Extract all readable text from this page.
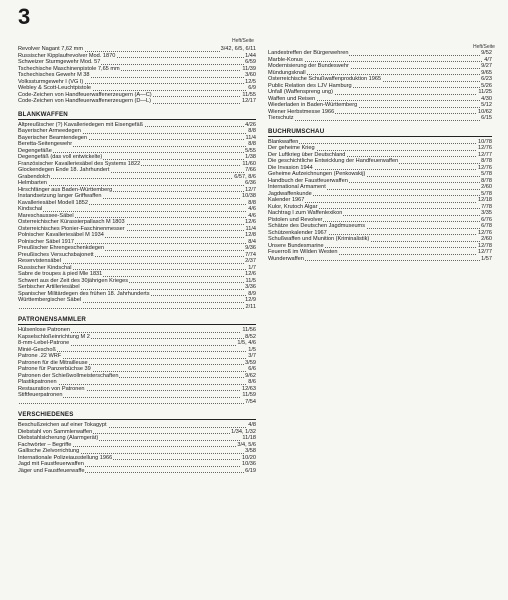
3
Heft/Seite
Revolver Nagant 7,62 mm	3/42, 6/5, 6/11
Russischer Kipplaufrevolver Mod. 1870	1/44
Schweizer Sturmgewehr Mod. 57	6/59
Tschechische Maschinenpistole 7,65 mm	11/39
Tschechisches Gewehr M 38	3/60
Volkssturmgewehr I (VG I)	12/5
Webley & Scott-Leuchtpistole	6/9
Code-Zeichen von Handfeuerwaffenerzeugern (A—C)	11/55
Code-Zeichen von Handfeuerwaffenerzeugern (D—L)	12/17
BLANKWAFFEN
Altpreußischer (?) Kavalleriedegen mit Eisengefäß	4/26
Bayerischer Armeedegen	8/8
Bayerischer Beamtendegen	11/4
Beretta-Seitengewehr	8/8
Degengefäße	5/55
Degengefäß (das voll entwickelte)	1/38
Französischer Kavalleriesäbel des Systems 1822	11/60
Glockendegen Ende 18. Jahrhundert	7/66
Grabendolch	6/57, 8/6
Helmbarten	6/36
Hirschfänger aus Baden-Württemberg	12/7
Instandsetzung langer Griffwaffen	10/38
Kavalleriesäbel Modell 1852	8/8
Kindschal	4/6
Mareschaussee-Säbel	4/6
Österreichischer Kürassierpallasch M 1803	12/6
Österreichisches Pionier-Faschinenmesser	11/4
Polnischer Kavalleriesäbel M 1934	12/8
Polnischer Säbel 1917	8/4
Preußischer Ehrengeschenkdegen	9/36
Preußisches Versuchsbajonett	7/74
Reservistensäbel	2/37
Russischer Kindschal	1/7
Sabre de troupes à pied Mle 1831	12/6
Schwert aus der Zeit des 30jährigen Krieges	11/5
Serbischer Artilleriesäbel	3/36
Spanischer Militärdegen des frühen 18. Jahrhunderts	8/9
Württembergischer Säbel	12/9
2/11
PATRONENSAMMLER
Hülsenlose Patronen	11/56
Kapselschloßeinrichtung M 2	8/52
8-mm-Lebel-Patrone	1/5, 4/6
Minié-Geschoß	1/5
Patrone .22 WRF	3/7
Patronen für die Mitrailleuse	3/59
Patrone für Panzerbüchse 39	6/6
Patronen der Schießwollmeisterschaften	9/62
Plastikpatronen	8/6
Restauration von Patronen	12/63
Stiftfeuerpatronen	11/59
7/54
VERSCHIEDENES
Beschußzeichen auf einer Tokagypt	4/8
Diebstahl von Sammlerwaffen	1/34, 1/32
Diebstahlsicherung (Alarmgerät)	11/18
Fachwörter – Begriffe	3/4, 5/6
Gallische Zielvorrichtung	3/58
Internationale Polizeiausstellung 1966	10/20
Jagd mit Faustfeuerwaffen	10/36
Jäger und Faustfeuerwaffe	6/19
Heft/Seite
Landestreffen der Bürgerwehren	9/52
Marble-Konus	4/7
Modernisierung der Bundeswehr	9/27
Mündungsknall	9/65
Österreichische Schußwaffenproduktion 1965	6/23
Public Relation des LJV Hamburg	5/26
Unfall (Waffenspreng ung)	11/25
Waffen und Reisen	4/30
Wiederladen in Baden-Württemberg	5/12
Wiener Herbstmesse 1966	10/62
Tierschutz	6/15
BUCHRUMSCHAU
Blankwaffen	10/78
Der geheime Krieg	12/76
Der Luftkrieg über Deutschland	12/77
Die geschichtliche Entwicklung der Handfeuerwaffen	8/78
Die Invasion 1944	12/76
Geheime Aufzeichnungen (Penkowskij)	5/78
Handbuch der Faustfeuerwaffen	8/78
International Armament	2/60
Jagdwaffenkunde	5/78
Kalender 1967	12/18
Kulor, Krutoch Algar	7/78
Nachtrag I zum Waffenlexikon	3/35
Pistolen und Revolver	6/76
Schätze des Deutschen Jagdmuseums	6/78
Schützenkalender 1967	12/76
Schußwaffen und Munition (Kriminalistik)	2/60
Unsere Bundesmarine	12/78
Feuerroß im Wilden Westen	12/77
Wunderwaffen	1/57
